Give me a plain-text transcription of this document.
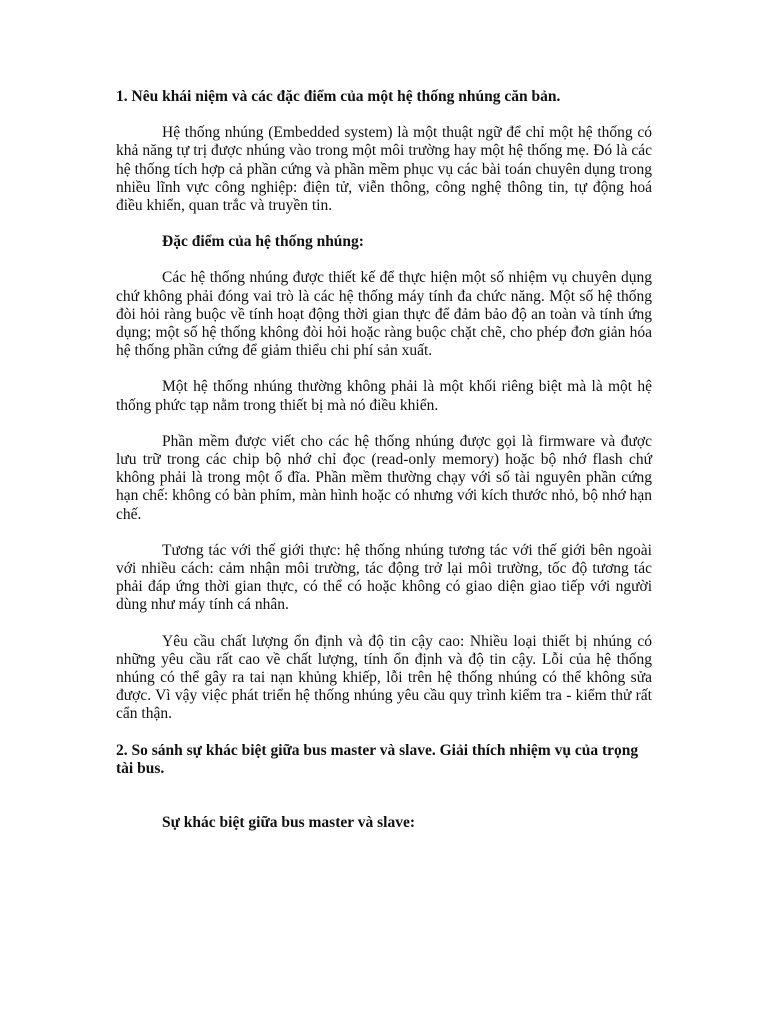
1. Nêu khái niệm và các đặc điểm của một hệ thống nhúng căn bản.

Hệ thống nhúng (Embedded system) là một thuật ngữ để chỉ một hệ thống có khả năng tự trị được nhúng vào trong một môi trường hay một hệ thống mẹ. Đó là các hệ thống tích hợp cả phần cứng và phần mềm phục vụ các bài toán chuyên dụng trong nhiều lĩnh vực công nghiệp: điện tử, viễn thông, công nghệ thông tin, tự động hoá điều khiển, quan trắc và truyền tin.

Đặc điểm của hệ thống nhúng:

Các hệ thống nhúng được thiết kế để thực hiện một số nhiệm vụ chuyên dụng chứ không phải đóng vai trò là các hệ thống máy tính đa chức năng. Một số hệ thống đòi hỏi ràng buộc về tính hoạt động thời gian thực để đảm bảo độ an toàn và tính ứng dụng; một số hệ thống không đòi hỏi hoặc ràng buộc chặt chẽ, cho phép đơn giản hóa hệ thống phần cứng để giảm thiểu chi phí sản xuất.

Một hệ thống nhúng thường không phải là một khối riêng biệt mà là một hệ thống phức tạp nằm trong thiết bị mà nó điều khiển.

Phần mềm được viết cho các hệ thống nhúng được gọi là firmware và được lưu trữ trong các chip bộ nhớ chỉ đọc (read-only memory) hoặc bộ nhớ flash chứ không phải là trong một ổ đĩa. Phần mềm thường chạy với số tài nguyên phần cứng hạn chế: không có bàn phím, màn hình hoặc có nhưng với kích thước nhỏ, bộ nhớ hạn chế.

Tương tác với thế giới thực: hệ thống nhúng tương tác với thế giới bên ngoài với nhiều cách: cảm nhận môi trường, tác động trở lại môi trường, tốc độ tương tác phải đáp ứng thời gian thực, có thể có hoặc không có giao diện giao tiếp với người dùng như máy tính cá nhân.

Yêu cầu chất lượng ổn định và độ tin cậy cao: Nhiều loại thiết bị nhúng có những yêu cầu rất cao về chất lượng, tính ổn định và độ tin cậy. Lỗi của hệ thống nhúng có thể gây ra tai nạn khủng khiếp, lỗi trên hệ thống nhúng có thể không sửa được. Vì vậy việc phát triển hệ thống nhúng yêu cầu quy trình kiểm tra - kiểm thử rất cẩn thận.

2. So sánh sự khác biệt giữa bus master và slave. Giải thích nhiệm vụ của trọng tài bus.

Sự khác biệt giữa bus master và slave:
